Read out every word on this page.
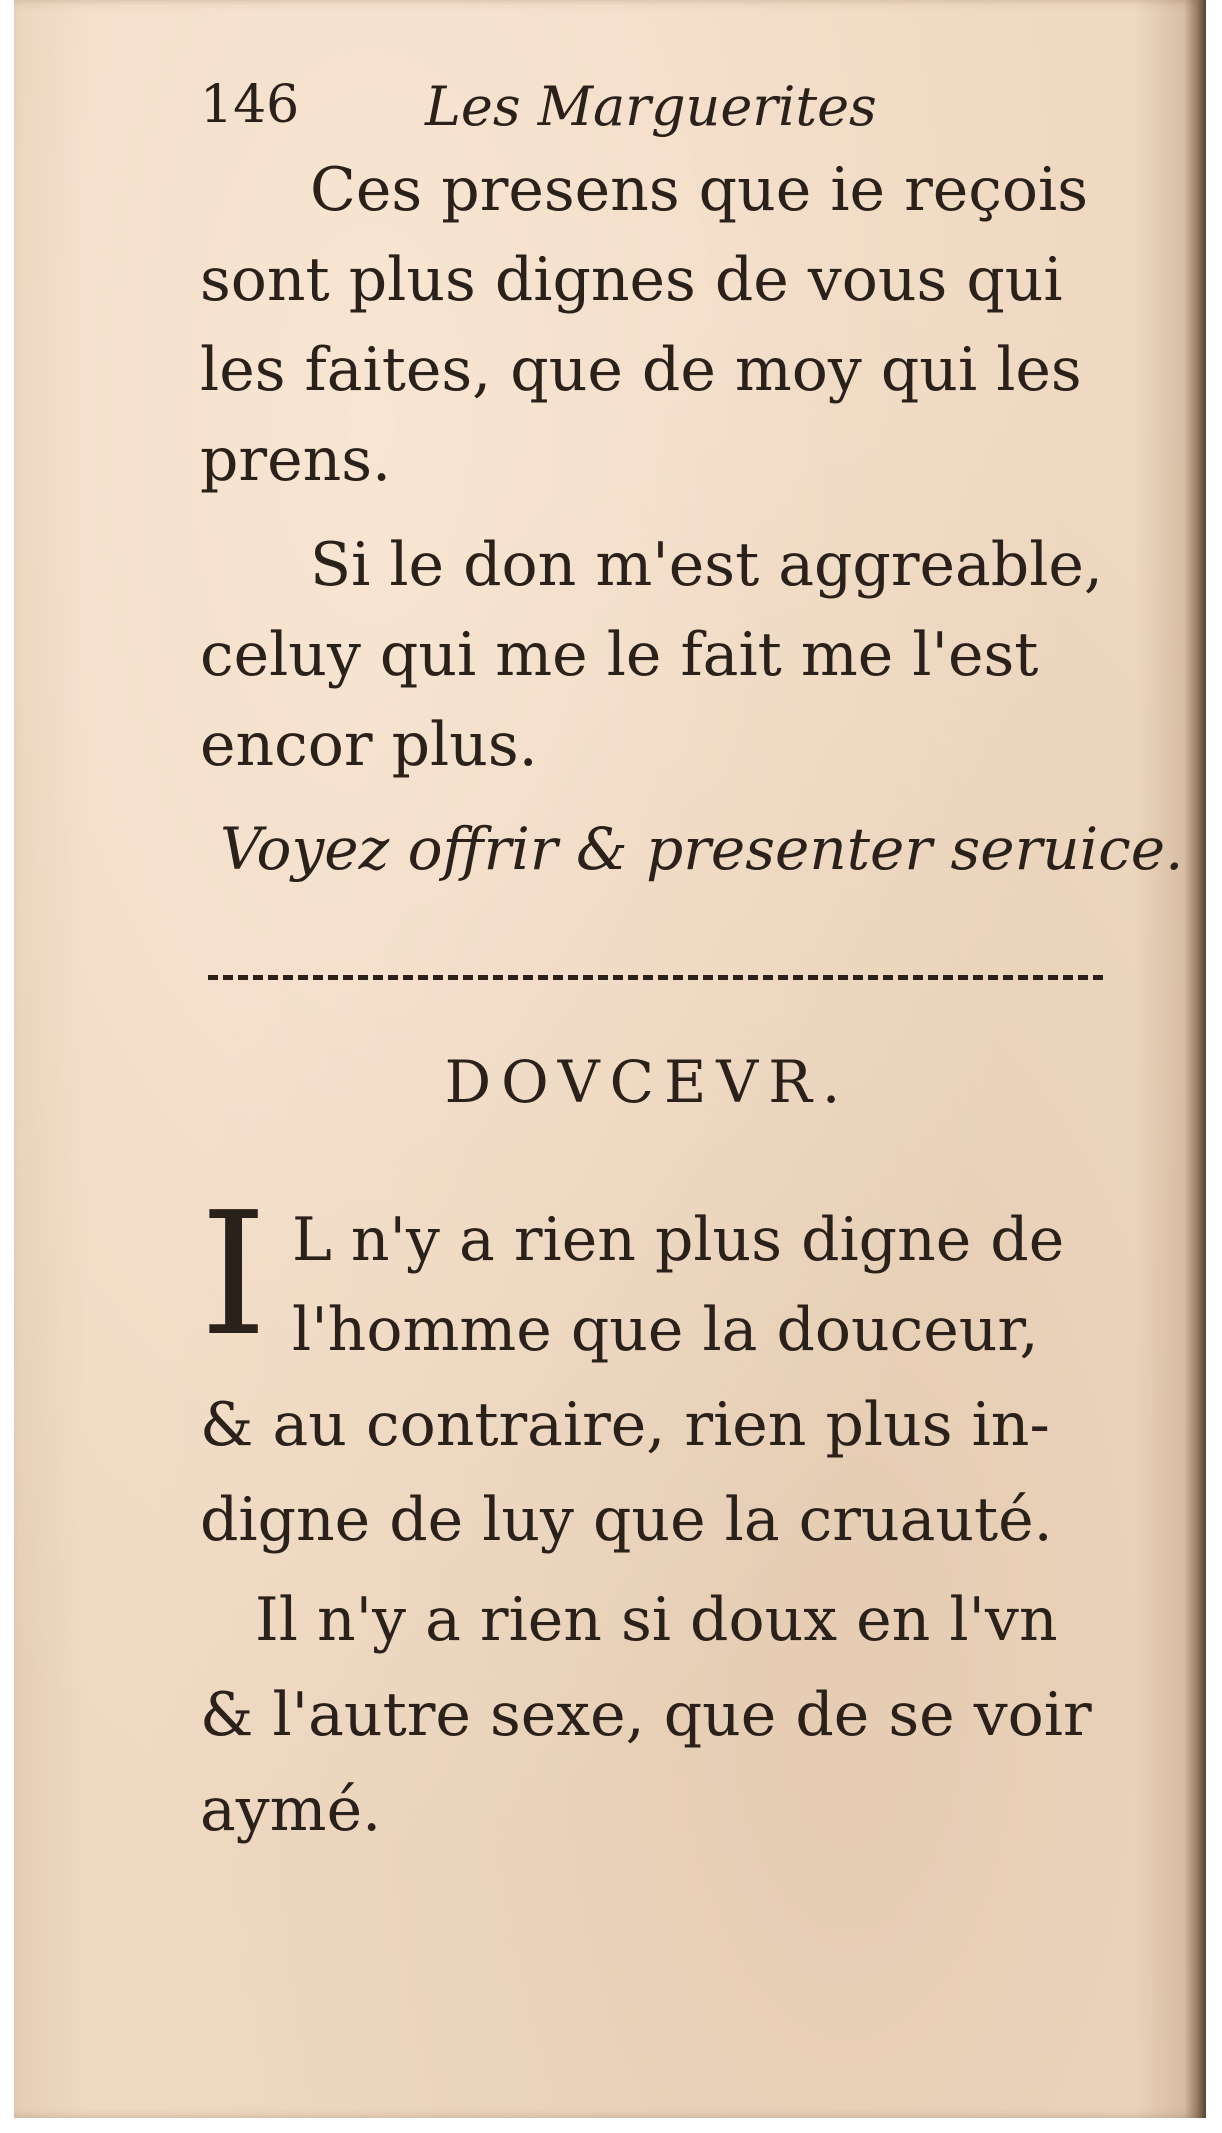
146 Les Marguerites
Ces presens que ie reçois
sont plus dignes de vous qui
les faites, que de moy qui les
prens.
Si le don m'est aggreable,
celuy qui me le fait me l'est
encor plus.
Voyez offrir & presenter seruice.
DOVCEVR.
I L n'y a rien plus digne de
l'homme que la douceur,
& au contraire, rien plus in-
digne de luy que la cruauté.
Il n'y a rien si doux en l'vn
& l'autre sexe, que de se voir
aymé.
